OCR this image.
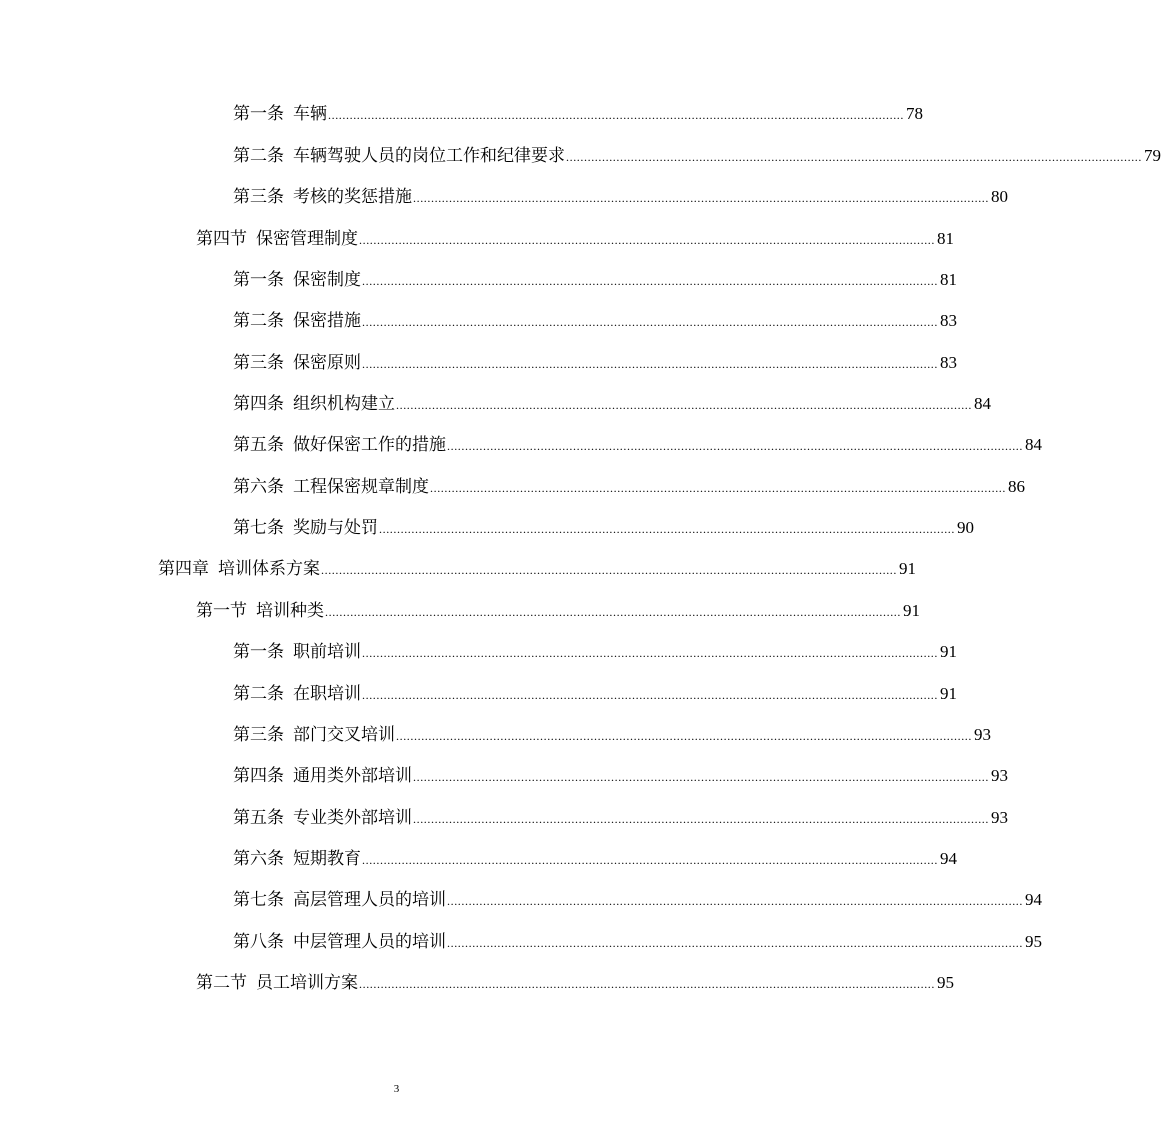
第一条 车辆 ................................................................................................................................................................ 78
第二条 车辆驾驶人员的岗位工作和纪律要求 ................................................................................................................................................................ 79
第三条 考核的奖惩措施 ................................................................................................................................................................ 80
第四节 保密管理制度 ................................................................................................................................................................ 81
第一条 保密制度 ................................................................................................................................................................ 81
第二条 保密措施 ................................................................................................................................................................ 83
第三条 保密原则 ................................................................................................................................................................ 83
第四条 组织机构建立 ................................................................................................................................................................ 84
第五条 做好保密工作的措施 ................................................................................................................................................................ 84
第六条 工程保密规章制度 ................................................................................................................................................................ 86
第七条 奖励与处罚 ................................................................................................................................................................ 90
第四章 培训体系方案 ................................................................................................................................................................ 91
第一节 培训种类 ................................................................................................................................................................ 91
第一条 职前培训 ................................................................................................................................................................ 91
第二条 在职培训 ................................................................................................................................................................ 91
第三条 部门交叉培训 ................................................................................................................................................................ 93
第四条 通用类外部培训 ................................................................................................................................................................ 93
第五条 专业类外部培训 ................................................................................................................................................................ 93
第六条 短期教育 ................................................................................................................................................................ 94
第七条 高层管理人员的培训 ................................................................................................................................................................ 94
第八条 中层管理人员的培训 ................................................................................................................................................................ 95
第二节 员工培训方案 ................................................................................................................................................................ 95
3
